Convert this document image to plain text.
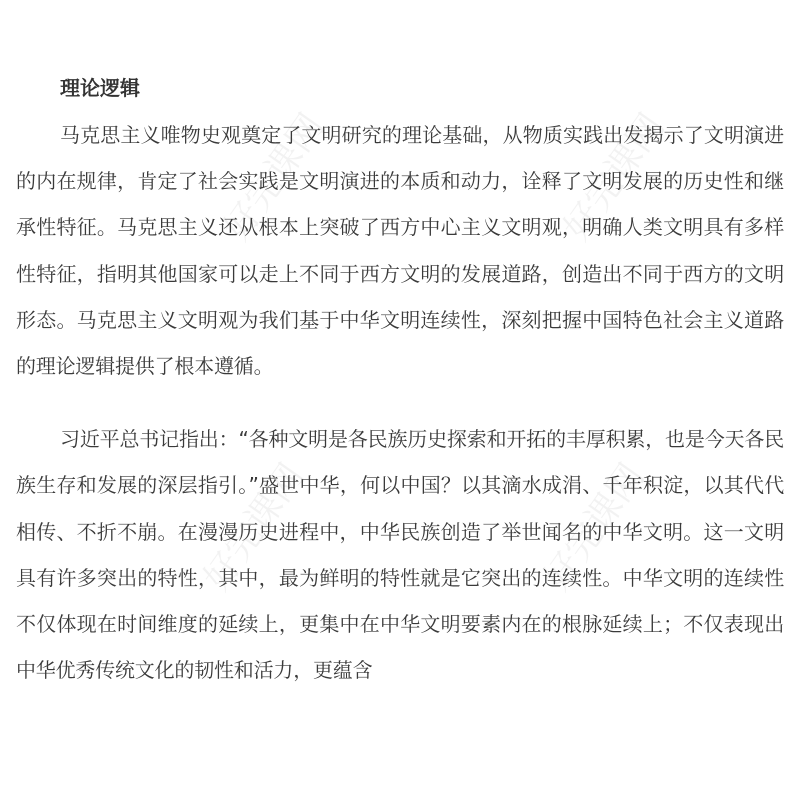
好完课网	好完课网
好完课网	好完课网
理论逻辑

马克思主义唯物史观奠定了文明研究的理论基础，从物质实践出发揭示了文明演进的内在规律，肯定了社会实践是文明演进的本质和动力，诠释了文明发展的历史性和继承性特征。马克思主义还从根本上突破了西方中心主义文明观，明确人类文明具有多样性特征，指明其他国家可以走上不同于西方文明的发展道路，创造出不同于西方的文明形态。马克思主义文明观为我们基于中华文明连续性，深刻把握中国特色社会主义道路的理论逻辑提供了根本遵循。

习近平总书记指出：“各种文明是各民族历史探索和开拓的丰厚积累，也是今天各民族生存和发展的深层指引。”盛世中华，何以中国？以其滴水成涓、千年积淀，以其代代相传、不折不崩。在漫漫历史进程中，中华民族创造了举世闻名的中华文明。这一文明具有许多突出的特性，其中，最为鲜明的特性就是它突出的连续性。中华文明的连续性不仅体现在时间维度的延续上，更集中在中华文明要素内在的根脉延续上；不仅表现出中华优秀传统文化的韧性和活力，更蕴含
